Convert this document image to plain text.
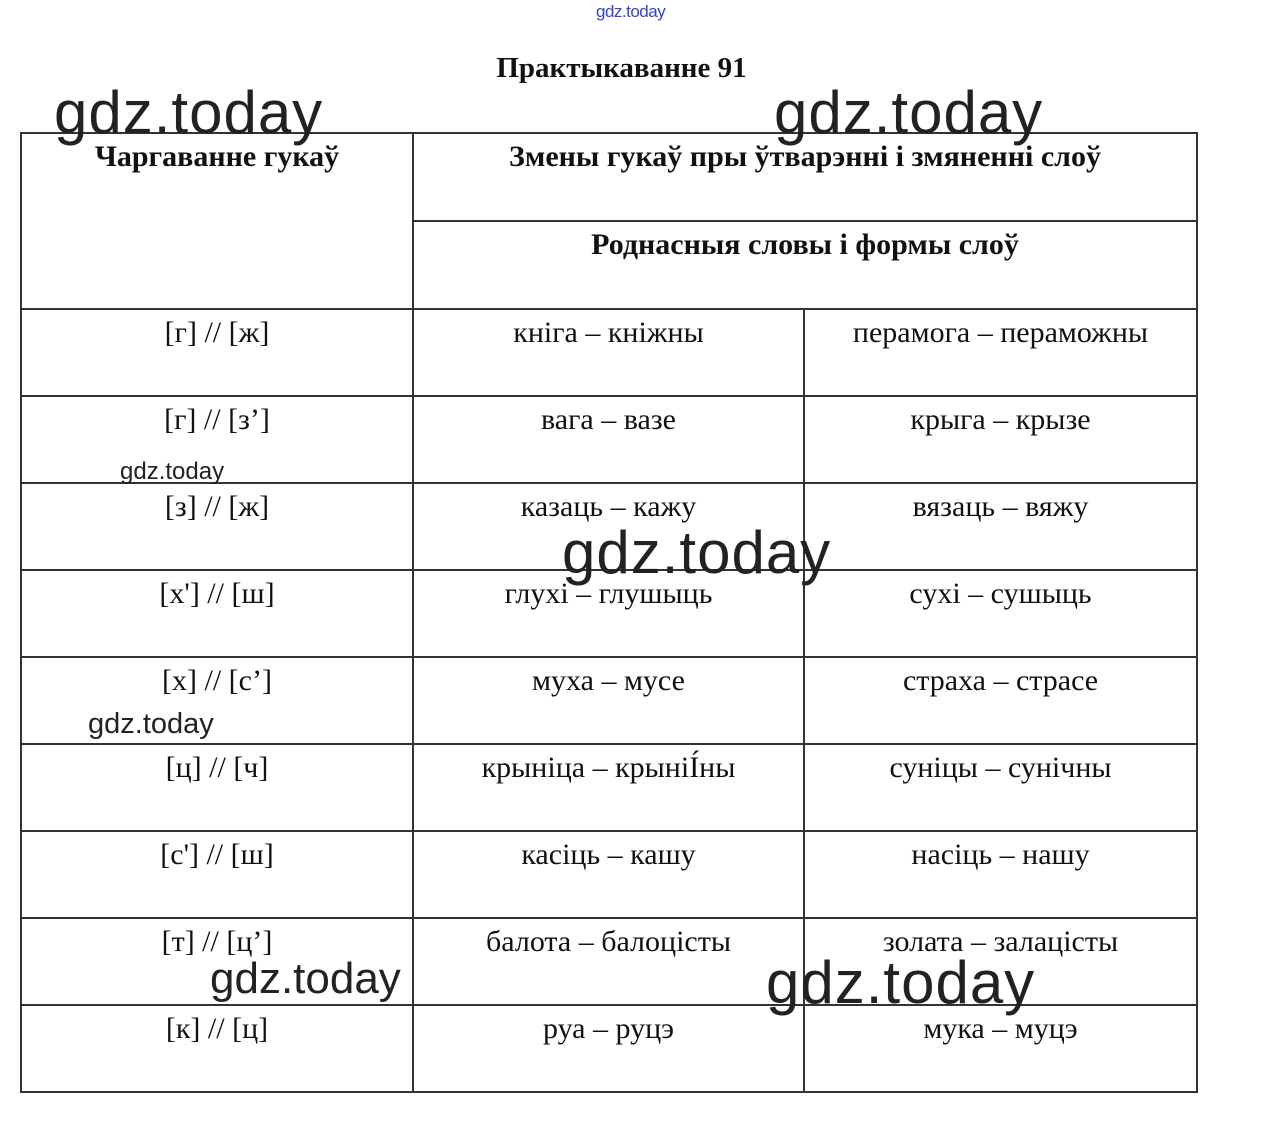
gdz.today
Практыкаванне 91
Чаргаванне гукаў	Змены гукаў пры ўтварэнні і змяненні слоў	
	Роднасныя словы і формы слоў	
[г] // [ж]	кніга – кніжны	перамога – пераможны
[г] // [з’]	вага – вазе	крыга – крызе
[з] // [ж]	казаць – кажу	вязаць – вяжу
[х'] // [ш]	глухі – глушыць	сухі – сушыць
[х] // [с’]	муха – мусе	страха – страсе
[ц] // [ч]	крыніца – крыніІ́ны	суніцы – сунічны
[с'] // [ш]	касіць – кашу	насіць – нашу
[т] // [ц’]	балота – балоцісты	золата – залацісты
[к] // [ц]	руа – руцэ	мука – муцэ
gdz.today	gdz.today
gdz.today
gdz.today
gdz.today
gdz.today	gdz.today
